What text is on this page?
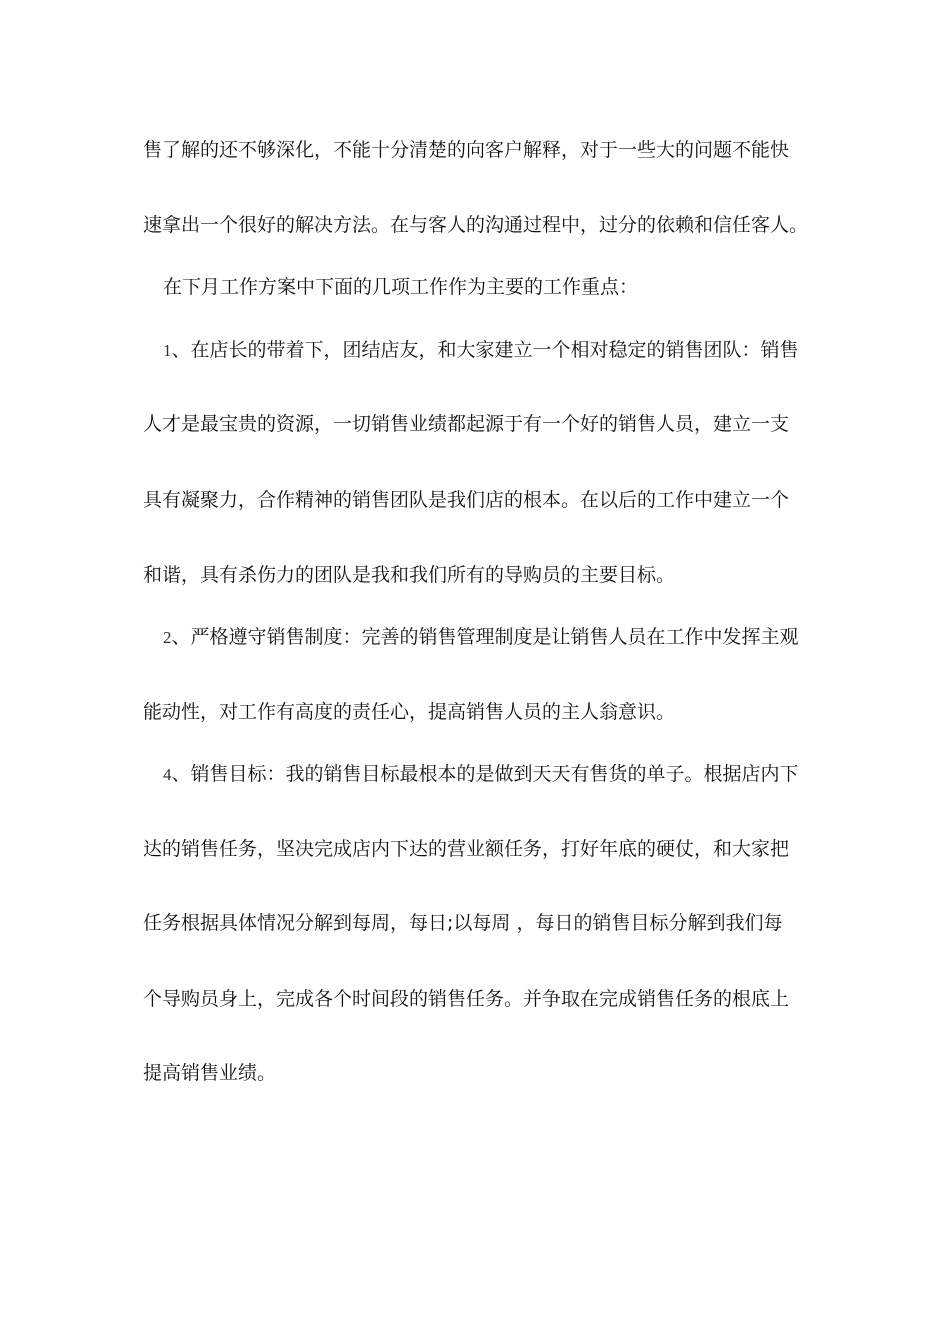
售了解的还不够深化，不能十分清楚的向客户解释，对于一些大的问题不能快
速拿出一个很好的解决方法。在与客人的沟通过程中，过分的依赖和信任客人。
在下月工作方案中下面的几项工作作为主要的工作重点：
1、在店长的带着下，团结店友，和大家建立一个相对稳定的销售团队：销售
人才是最宝贵的资源，一切销售业绩都起源于有一个好的销售人员，建立一支
具有凝聚力，合作精神的销售团队是我们店的根本。在以后的工作中建立一个
和谐，具有杀伤力的团队是我和我们所有的导购员的主要目标。
2、严格遵守销售制度：完善的销售管理制度是让销售人员在工作中发挥主观
能动性，对工作有高度的责任心，提高销售人员的主人翁意识。
4、销售目标：我的销售目标最根本的是做到天天有售货的单子。根据店内下
达的销售任务，坚决完成店内下达的营业额任务，打好年底的硬仗，和大家把
任务根据具体情况分解到每周，每日;以每周 ，每日的销售目标分解到我们每
个导购员身上，完成各个时间段的销售任务。并争取在完成销售任务的根底上
提高销售业绩。
